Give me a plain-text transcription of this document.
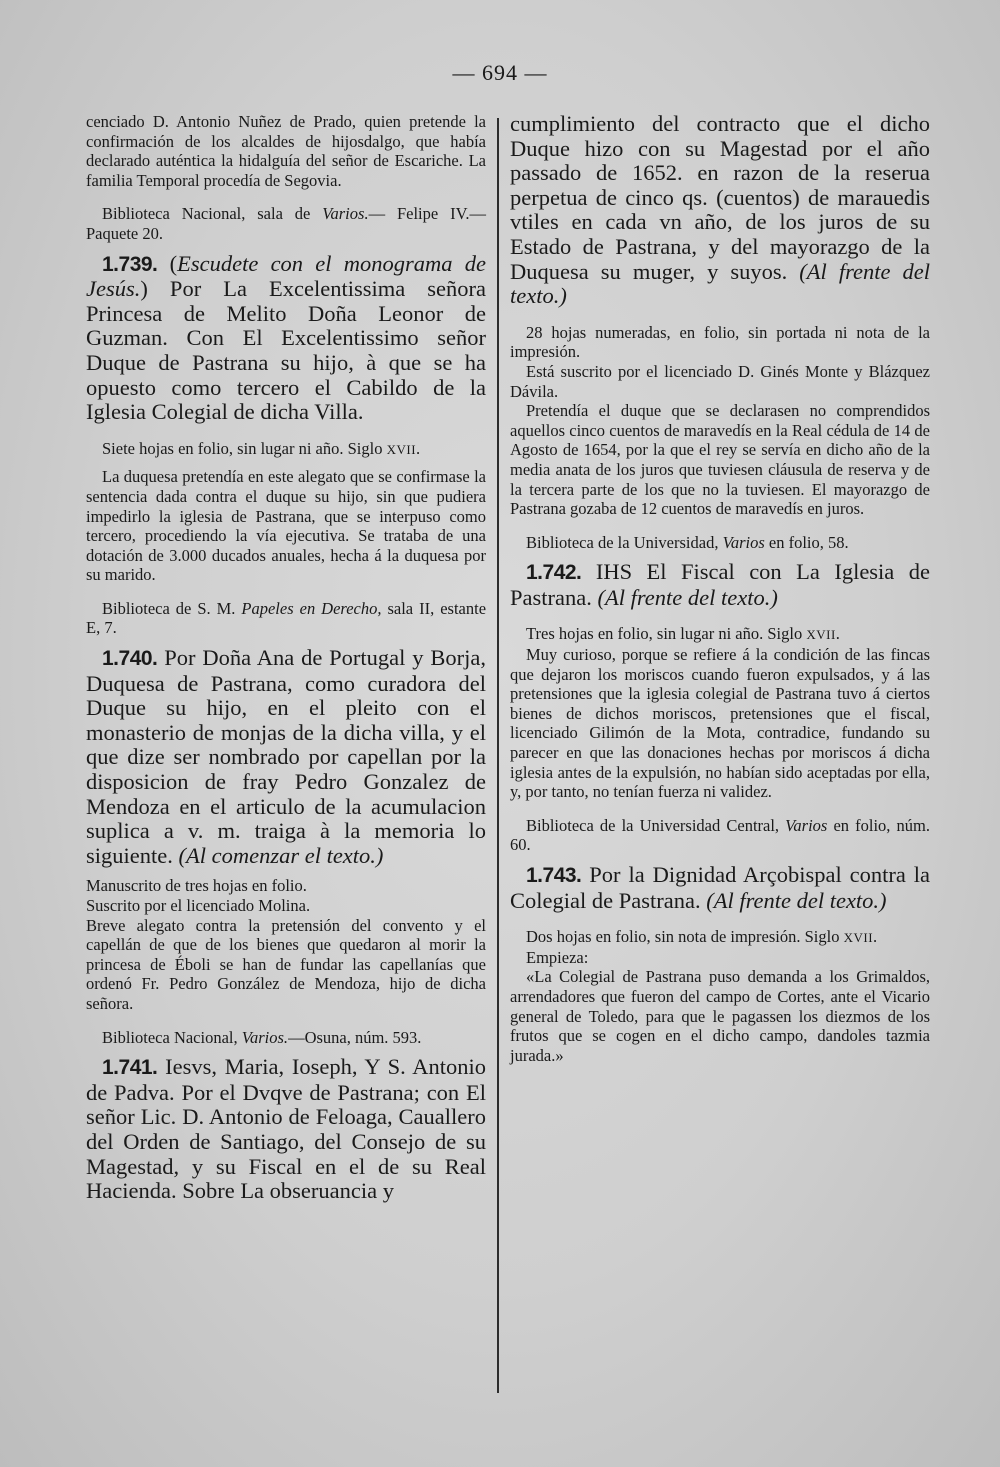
— 694 —

cenciado D. Antonio Nuñez de Prado, quien pretende la confirmación de los alcaldes de hijosdalgo, que había declarado auténtica la hidalguía del señor de Escariche. La familia Temporal procedía de Segovia.

Biblioteca Nacional, sala de Varios.— Felipe IV.— Paquete 20.

1.739. (Escudete con el monograma de Jesús.) Por La Excelentissima señora Princesa de Melito Doña Leonor de Guzman. Con El Excelentissimo señor Duque de Pastrana su hijo, à que se ha opuesto como tercero el Cabildo de la Iglesia Colegial de dicha Villa.

Siete hojas en folio, sin lugar ni año. Siglo XVII.

La duquesa pretendía en este alegato que se confirmase la sentencia dada contra el duque su hijo, sin que pudiera impedirlo la iglesia de Pastrana, que se interpuso como tercero, procediendo la vía ejecutiva. Se trataba de una dotación de 3.000 ducados anuales, hecha á la duquesa por su marido.

Biblioteca de S. M. Papeles en Derecho, sala II, estante E, 7.

1.740. Por Doña Ana de Portugal y Borja, Duquesa de Pastrana, como curadora del Duque su hijo, en el pleito con el monasterio de monjas de la dicha villa, y el que dize ser nombrado por capellan por la disposicion de fray Pedro Gonzalez de Mendoza en el articulo de la acumulacion suplica a v. m. traiga à la memoria lo siguiente. (Al comenzar el texto.)

Manuscrito de tres hojas en folio.

Suscrito por el licenciado Molina.

Breve alegato contra la pretensión del convento y el capellán de que de los bienes que quedaron al morir la princesa de Éboli se han de fundar las capellanías que ordenó Fr. Pedro González de Mendoza, hijo de dicha señora.

Biblioteca Nacional, Varios.—Osuna, núm. 593.

1.741. Iesvs, Maria, Ioseph, Y S. Antonio de Padva. Por el Dvqve de Pastrana; con El señor Lic. D. Antonio de Feloaga, Cauallero del Orden de Santiago, del Consejo de su Magestad, y su Fiscal en el de su Real Hacienda. Sobre La obseruancia y

cumplimiento del contracto que el dicho Duque hizo con su Magestad por el año passado de 1652. en razon de la reserua perpetua de cinco qs. (cuentos) de marauedis vtiles en cada vn año, de los juros de su Estado de Pastrana, y del mayorazgo de la Duquesa su muger, y suyos. (Al frente del texto.)

28 hojas numeradas, en folio, sin portada ni nota de la impresión.

Está suscrito por el licenciado D. Ginés Monte y Blázquez Dávila.

Pretendía el duque que se declarasen no comprendidos aquellos cinco cuentos de maravedís en la Real cédula de 14 de Agosto de 1654, por la que el rey se servía en dicho año de la media anata de los juros que tuviesen cláusula de reserva y de la tercera parte de los que no la tuviesen. El mayorazgo de Pastrana gozaba de 12 cuentos de maravedís en juros.

Biblioteca de la Universidad, Varios en folio, 58.

1.742. IHS El Fiscal con La Iglesia de Pastrana. (Al frente del texto.)

Tres hojas en folio, sin lugar ni año. Siglo XVII.

Muy curioso, porque se refiere á la condición de las fincas que dejaron los moriscos cuando fueron expulsados, y á las pretensiones que la iglesia colegial de Pastrana tuvo á ciertos bienes de dichos moriscos, pretensiones que el fiscal, licenciado Gilimón de la Mota, contradice, fundando su parecer en que las donaciones hechas por moriscos á dicha iglesia antes de la expulsión, no habían sido aceptadas por ella, y, por tanto, no tenían fuerza ni validez.

Biblioteca de la Universidad Central, Varios en folio, núm. 60.

1.743. Por la Dignidad Arçobispal contra la Colegial de Pastrana. (Al frente del texto.)

Dos hojas en folio, sin nota de impresión. Siglo XVII.

Empieza:

«La Colegial de Pastrana puso demanda a los Grimaldos, arrendadores que fueron del campo de Cortes, ante el Vicario general de Toledo, para que le pagassen los diezmos de los frutos que se cogen en el dicho campo, dandoles tazmia jurada.»
